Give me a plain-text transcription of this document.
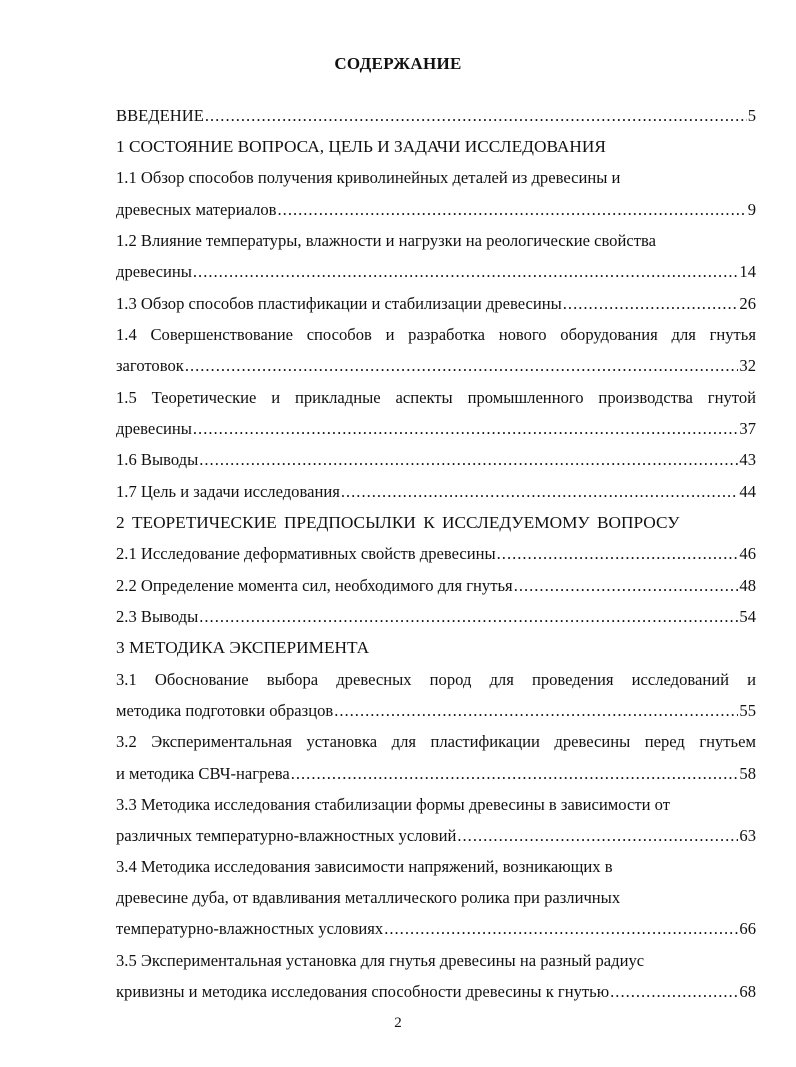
СОДЕРЖАНИЕ
ВВЕДЕНИЕ .....	5
1 СОСТОЯНИЕ ВОПРОСА, ЦЕЛЬ И ЗАДАЧИ ИССЛЕДОВАНИЯ
1.1 Обзор способов получения криволинейных деталей из древесины и
древесных материалов .....	9
1.2 Влияние температуры, влажности и нагрузки на реологические свойства
древесины .....	14
1.3 Обзор способов пластификации и стабилизации древесины .....	26
1.4 Совершенствование способов и разработка нового оборудования для гнутья
заготовок .....	32
1.5 Теоретические и прикладные аспекты промышленного производства гнутой
древесины .....	37
1.6 Выводы .....	43
1.7 Цель и задачи исследования .....	44
2 ТЕОРЕТИЧЕСКИЕ ПРЕДПОСЫЛКИ К ИССЛЕДУЕМОМУ ВОПРОСУ
2.1 Исследование деформативных свойств древесины .....	46
2.2 Определение момента сил, необходимого для гнутья .....	48
2.3 Выводы .....	54
3 МЕТОДИКА ЭКСПЕРИМЕНТА
3.1 Обоснование выбора древесных пород для проведения исследований и
методика подготовки образцов .....	55
3.2 Экспериментальная установка для пластификации древесины перед гнутьем
и методика СВЧ-нагрева .....	58
3.3 Методика исследования стабилизации формы древесины в зависимости от
различных температурно-влажностных условий .....	63
3.4 Методика исследования зависимости напряжений, возникающих в
древесине дуба, от вдавливания металлического ролика при различных
температурно-влажностных условиях .....	66
3.5 Экспериментальная установка для гнутья древесины на разный радиус
кривизны и методика исследования способности древесины к гнутью .....	68
2
